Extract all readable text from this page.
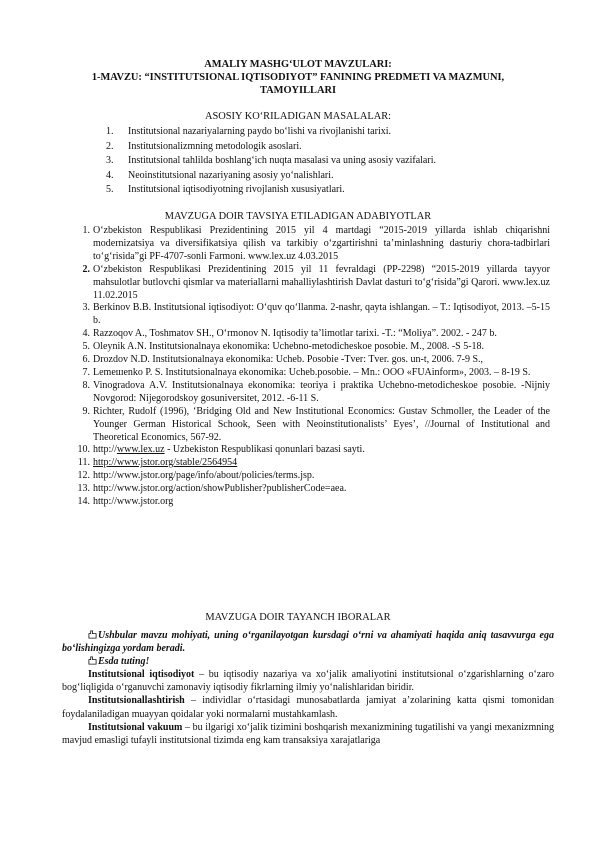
AMALIY MASHG‘ULOT MAVZULARI:
1-MAVZU: “INSTITUTSIONAL IQTISODIYOT” FANINING PREDMETI VA MAZMUNI,
TAMOYILLARI
ASOSIY KO‘RILADIGAN MASALALAR:
1. Institutsional nazariyalarning paydo bo‘lishi va rivojlanishi tarixi.
2. Institutsionalizmning metodologik asoslari.
3. Institutsional tahlilda boshlang‘ich nuqta masalasi va uning asosiy vazifalari.
4. Neoinstitutsional nazariyaning asosiy yo‘nalishlari.
5. Institutsional iqtisodiyotning rivojlanish xususiyatlari.
MAVZUGA DOIR TAVSIYA ETILADIGAN ADABIYOTLAR
1. O‘zbekiston Respublikasi Prezidentining 2015 yil 4 martdagi “2015-2019 yillarda ishlab chiqarishni modernizatsiya va diversifikatsiya qilish va tarkibiy o‘zgartirishni ta’minlashning dasturiy chora-tadbirlari to‘g‘risida”gi PF-4707-sonli Farmoni. www.lex.uz 4.03.2015
2. O‘zbekiston Respublikasi Prezidentining 2015 yil 11 fevraldagi (PP-2298) “2015-2019 yillarda tayyor mahsulotlar butlovchi qismlar va materiallarni mahalliylashtirish Davlat dasturi to‘g‘risida”gi Qarori. www.lex.uz 11.02.2015
3. Berkinov B.B. Institutsional iqtisodiyot: O‘quv qo‘llanma. 2-nashr, qayta ishlangan. – T.: Iqtisodiyot, 2013. –5-15 b.
4. Razzoqov A., Toshmatov SH., O‘rmonov N. Iqtisodiy ta’limotlar tarixi. -T.: “Moliya”. 2002. - 247 b.
5. Oleynik A.N. Institutsionalnaya ekonomika: Uchebno-metodicheskoe posobie. M., 2008. -S 5-18.
6. Drozdov N.D. Institutsionalnaya ekonomika: Ucheb. Posobie -Tver: Tver. gos. un-t, 2006. 7-9 S.,
7. Lemeшenko P. S. Institutsionalnaya ekonomika: Ucheb.posobie. – Mn.: OOO «FUAinform», 2003. – 8-19 S.
8. Vinogradova A.V. Institutsionalnaya ekonomika: teoriya i praktika Uchebno-metodicheskoe posobie. -Nijniy Novgorod: Nijegorodskoy gosuniversitet, 2012. -6-11 S.
9. Richter, Rudolf (1996), ‘Bridging Old and New Institutional Economics: Gustav Schmoller, the Leader of the Younger German Historical Schook, Seen with Neoinstitutionalists’ Eyes’, //Journal of Institutional and Theoretical Economics, 567-92.
10. http://www.lex.uz - Uzbekiston Respublikasi qonunlari bazasi sayti.
11. http://www.jstor.org/stable/2564954
12. http://www.jstor.org/page/info/about/policies/terms.jsp.
13. http://www.jstor.org/action/showPublisher?publisherCode=aea.
14. http://www.jstor.org
MAVZUGA DOIR TAYANCH IBORALAR

Ushbular mavzu mohiyati, uning o‘rganilayotgan kursdagi o‘rni va ahamiyati haqida aniq tasavvurga ega bo‘lishingizga yordam beradi.

Esda tuting!

Institutsional iqtisodiyot – bu iqtisodiy nazariya va xo‘jalik amaliyotini institutsional o‘zgarishlarning o‘zaro bog‘liqligida o‘rganuvchi zamonaviy iqtisodiy fikrlarning ilmiy yo‘nalishlaridan biridir.

Institutsionallashtirish – individlar o‘rtasidagi munosabatlarda jamiyat a’zolarining katta qismi tomonidan foydalaniladigan muayyan qoidalar yoki normalarni mustahkamlash.

Institutsional vakuum – bu ilgarigi xo‘jalik tizimini boshqarish mexanizmining tugatilishi va yangi mexanizmning mavjud emasligi tufayli institutsional tizimda eng kam transaksiya xarajatlariga
